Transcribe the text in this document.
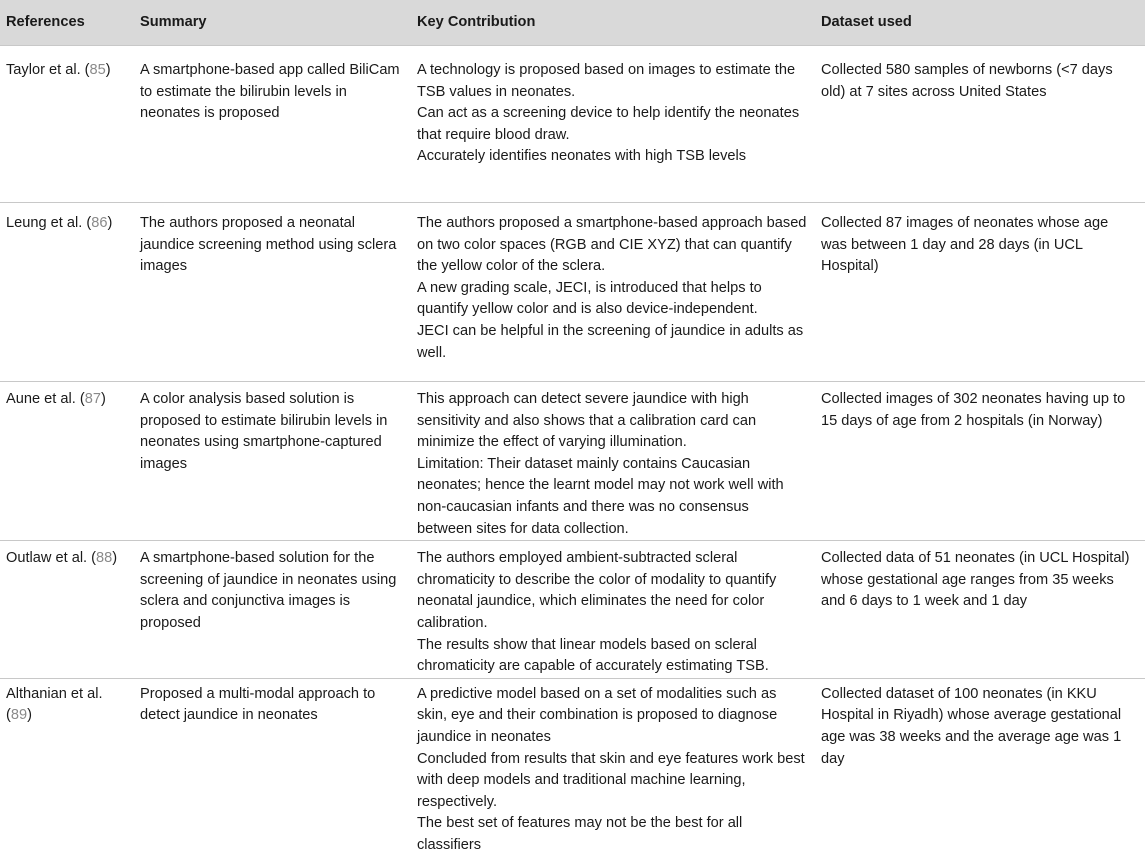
References	Summary	Key Contribution	Dataset used
Taylor et al. (85)	A smartphone-based app called BiliCam to estimate the bilirubin levels in neonates is proposed	A technology is proposed based on images to estimate the TSB values in neonates.
Can act as a screening device to help identify the neonates that require blood draw.
Accurately identifies neonates with high TSB levels	Collected 580 samples of newborns (<7 days old) at 7 sites across United States
Leung et al. (86)	The authors proposed a neonatal jaundice screening method using sclera images	The authors proposed a smartphone-based approach based on two color spaces (RGB and CIE XYZ) that can quantify the yellow color of the sclera.
A new grading scale, JECI, is introduced that helps to quantify yellow color and is also device-independent.
JECI can be helpful in the screening of jaundice in adults as well.	Collected 87 images of neonates whose age was between 1 day and 28 days (in UCL Hospital)
Aune et al. (87)	A color analysis based solution is proposed to estimate bilirubin levels in neonates using smartphone-captured images	This approach can detect severe jaundice with high sensitivity and also shows that a calibration card can minimize the effect of varying illumination.
Limitation: Their dataset mainly contains Caucasian neonates; hence the learnt model may not work well with non-caucasian infants and there was no consensus between sites for data collection.	Collected images of 302 neonates having up to 15 days of age from 2 hospitals (in Norway)
Outlaw et al. (88)	A smartphone-based solution for the screening of jaundice in neonates using sclera and conjunctiva images is proposed	The authors employed ambient-subtracted scleral chromaticity to describe the color of modality to quantify neonatal jaundice, which eliminates the need for color calibration.
The results show that linear models based on scleral chromaticity are capable of accurately estimating TSB.	Collected data of 51 neonates (in UCL Hospital) whose gestational age ranges from 35 weeks and 6 days to 1 week and 1 day
Althanian et al. (89)	Proposed a multi-modal approach to detect jaundice in neonates	A predictive model based on a set of modalities such as skin, eye and their combination is proposed to diagnose jaundice in neonates
Concluded from results that skin and eye features work best with deep models and traditional machine learning, respectively.
The best set of features may not be the best for all classifiers	Collected dataset of 100 neonates (in KKU Hospital in Riyadh) whose average gestational age was 38 weeks and the average age was 1 day
